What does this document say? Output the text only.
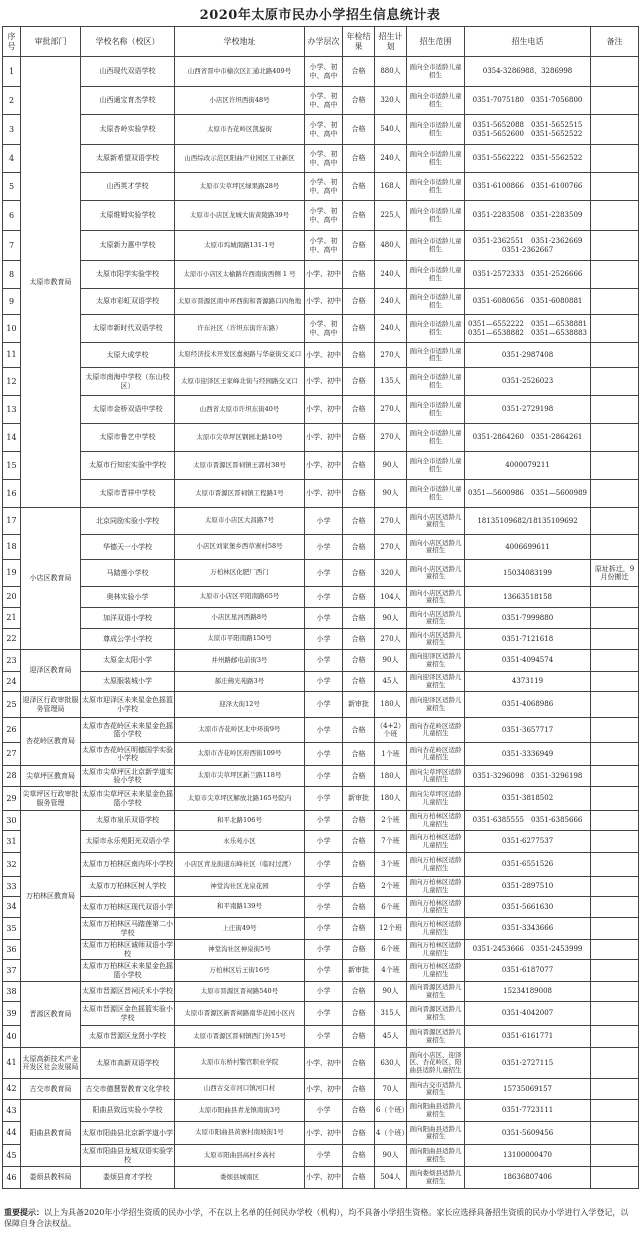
2020年太原市民办小学招生信息统计表
序号	审批部门	学校名称（校区）	学校地址	办学层次	年检结果	招生计划	招生范围	招生电话	备注
1	太原市教育局	山西现代双语学校	山西省晋中市榆次区汇通北路409号	小学、初中、高中	合格	880人	面向全市适龄儿童招生	0354-3286988、3286998	
2		山西通宝育杰学校	小店区许坦西街48号	小学、初中、高中	合格	320人	面向全市适龄儿童招生	0351-7075180　0351-7056800	
3		太原杏岭实验学校	太原市杏花岭区凯旋街	小学、初中、高中	合格	540人	面向全市适龄儿童招生	0351-5652088　0351-5652515　0351-5652600　0351-5652522	
4		太原新希望双语学校	山西综改示范区阳曲产业园区工业新区	小学、初中、高中	合格	240人	面向全市适龄儿童招生	0351-5562222　0351-5562522	
5		山西英才学校	太原市尖草坪区绿果路28号	小学、初中、高中	合格	168人	面向全市适龄儿童招生	0351-6100866　0351-6100766	
6		太原维姆实验学校	太原市小店区龙城大街黄陵路39号	小学、初中、高中	合格	225人	面向全市适龄儿童招生	0351-2283508　0351-2283509	
7		太原新力惠中学校	太原市坞城南路131-1号	小学、初中、高中	合格	480人	面向全市适龄儿童招生	0351-2362551　0351-2362669　0351-2362667	
8		太原市阳学实验学校	太原市小店区太榆路许西南街西侧 1 号	小学、初中	合格	240人	面向全市适龄儿童招生	0351-2572333　0351-2526666	
9		太原市彩虹双语学校	太原市晋源区南中环西街和晋源路口四角地	小学、初中	合格	240人	面向全市适龄儿童招生	0351-6080656　0351-6080881	
10		太原市新时代双语学校	许东社区（许坦东街许东路）	小学、初中、高中	合格	240人	面向全市适龄儿童招生	0351—6552222　0351—6538881　0351—6538882　0351—6538883	
11		太原大成学校	太原经济技术开发区嘉昶路与华豪街交叉口	小学、初中	合格	270人	面向全市适龄儿童招生	0351-2987408	
12		太原市南海中学校（东山校区）	太原市迎泽区王家峰北街与经园路交叉口	小学、初中	合格	135人	面向全市适龄儿童招生	0351-2526023	
13		太原市金桥双语中学校	山西省太原市许坦东街40号	小学、初中	合格	270人	面向全市适龄儿童招生	0351-2729198	
14		太原市鲁艺中学校	太原市尖草坪区钢园北路10号	小学、初中	合格	270人	面向全市适龄儿童招生	0351-2864260　0351-2864261	
15		太原市行知宏实验中学校	太原市晋源区晋祠镇王郭村38号	小学、初中	合格	90人	面向全市适龄儿童招生	4000079211	
16		太原市晋祥中学校	太原市晋源区晋祠镇工程路1号	小学、初中	合格	90人	面向全市适龄儿童招生	0351—5600986　0351—5600989	
17	小店区教育局	北京同励实验小学校	太原市小店区大昌路7号	小学	合格	270人	面向小店区适龄儿童招生	18135109682/18135109692	
18		华德天一小学校	小店区刘家堡乡西草寨村58号	小学	合格	270人	面向小店区适龄儿童招生	4006699611	
19		马踏莲小学校	万柏林区化肥厂西门	小学	合格	320人	面向小店区适龄儿童招生	15034083199	原址拆迁，9月份搬迁
20		奥林实验小学	太原市小店区平阳南路65号	小学	合格	104人	面向小店区适龄儿童招生	13663518158	
21		加洋双语小学校	小店区星河西路8号	小学	合格	90人	面向小店区适龄儿童招生	0351-7999880	
22		尊成公学小学校	太原市平阳南路150号	小学	合格	270人	面向小店区适龄儿童招生	0351-7121618	
23	迎泽区教育局	太原金太阳小学	并州路邮电前街3号	小学	合格	90人	面向迎泽区适龄儿童招生	0351-4094574	
24		太原服装城小学	郝庄佛光苑路3号	小学	合格	45人	面向迎泽区适龄儿童招生	4373119	
25	迎泽区行政审批服务管理局	太原市迎泽区未来星金色摇篮小学校	迎泽大街12号	小学	新审批	180人	面向迎泽区适龄儿童招生	0351-4068986	
26	杏花岭区教育局	太原市杏花岭区未来星金色摇篮小学校	太原市杏花岭区北中环街9号	小学	合格	（4+2）个班	面向杏花岭区适龄儿童招生	0351-3657717	
27		太原市杏花岭区明德国学实验小学校	太原市杏花岭区府西街109号	小学	合格	1个班	面向杏花岭区适龄儿童招生	0351-3336949	
28	尖草坪区教育局	太原市尖草坪区北京新学道实验小学校	太原市尖草坪区新兰路118号	小学	合格	180人	面向尖草坪区适龄儿童招生	0351-3296098　0351-3296198	
29	尖草坪区行政审批服务管理	太原市尖草坪区未来星金色摇篮小学校	太原市尖草坪区解放北路165号院内	小学	新审批	180人	面向尖草坪区适龄儿童招生	0351-3818502	
30	万柏林区教育局	太原市泉乐双语学校	和平北路106号	小学	合格	2个班	面向万柏林区适龄儿童招生	0351-6385555　0351-6385666	
31		太原市永乐苑阳光双语小学	永乐苑小区	小学	合格	7个班	面向万柏林区适龄儿童招生	0351-6277537	
32		太原市万柏林区南内环小学校	小店区青龙街道东峰社区（临时过渡）	小学	合格	3个班	面向万柏林区适龄儿童招生	0351-6551526	
33		太原市万柏林区树人学校	神堂沟社区龙泉花园	小学	合格	2个班	面向万柏林区适龄儿童招生	0351-2897510	
34		太原市万柏林区现代双语小学	和平南路139号	小学	合格	6个班	面向万柏林区适龄儿童招生	0351-5661630	
35		太原市万柏林区马踏莲第二小学校	上庄街49号	小学	合格	12个班	面向万柏林区适龄儿童招生	0351-3343666	
36		太原市万柏林区诚师双语小学校	神堂沟社区神泉街5号	小学	合格	6个班	面向万柏林区适龄儿童招生	0351-2453666　0351-2453999	
37		太原市万柏林区未来星金色摇篮小学校	万柏林区后王街16号	小学	新审批	4个班	面向万柏林区适龄儿童招生	0351-6187077	
38	晋源区教育局	太原市晋源区晋祠沃禾小学校	太原市晋源区晋祠路540号	小学	合格	90人	面向晋源区适龄儿童招生	15234189008	
39		太原市晋源区金色摇篮实验小学校	太原市晋源区新晋祠路南华花园小区内	小学	合格	315人	面向晋源区适龄儿童招生	0351-4042007	
40		太原市晋源区龙贤小学校	太原市晋源区晋祠镇西门外15号	小学	合格	45人	面向晋源区适龄儿童招生	0351-6161771	
41	太原高新技术产业开发区社会发展局	太原市高新双语学校	太原市东桥村警官职业学院	小学、初中	合格	630人	面向小店区、迎泽区、杏花岭区、阳曲县适龄儿童招生	0351-2727115	
42	古交市教育局	古交市德慧智教育文化学校	山西古交市河口镇河口村	小学、初中	合格	70人	面向古交市适龄儿童招生	15735069157	
43	阳曲县教育局	阳曲县致远实验小学校	太原市阳曲县青龙镇南街3号	小学	合格	6（个班）	面向阳曲县适龄儿童招生	0351-7723111	
44		太原市阳曲县北京新学道小学	太原市阳曲县黄寨村南坡街1号	小学、初中	合格	4（个班）	面向阳曲县适龄儿童招生	0351-5609456	
45		太原市阳曲县龙城双语实验学校	太原市阳曲县高村乡高村	小学	合格	90人	面向阳曲县适龄儿童招生	13100000470	
46	娄烦县教科局	娄烦县育才学校	娄烦县城南区	小学、初中	合格	504人	面向娄烦县适龄儿童招生	18636807406	
重要提示：以上为具备2020年小学招生资质的民办小学，不在以上名单的任何民办学校（机构），均不具备小学招生资格。家长应选择具备招生资质的民办小学进行入学登记，以保障自身合法权益。
